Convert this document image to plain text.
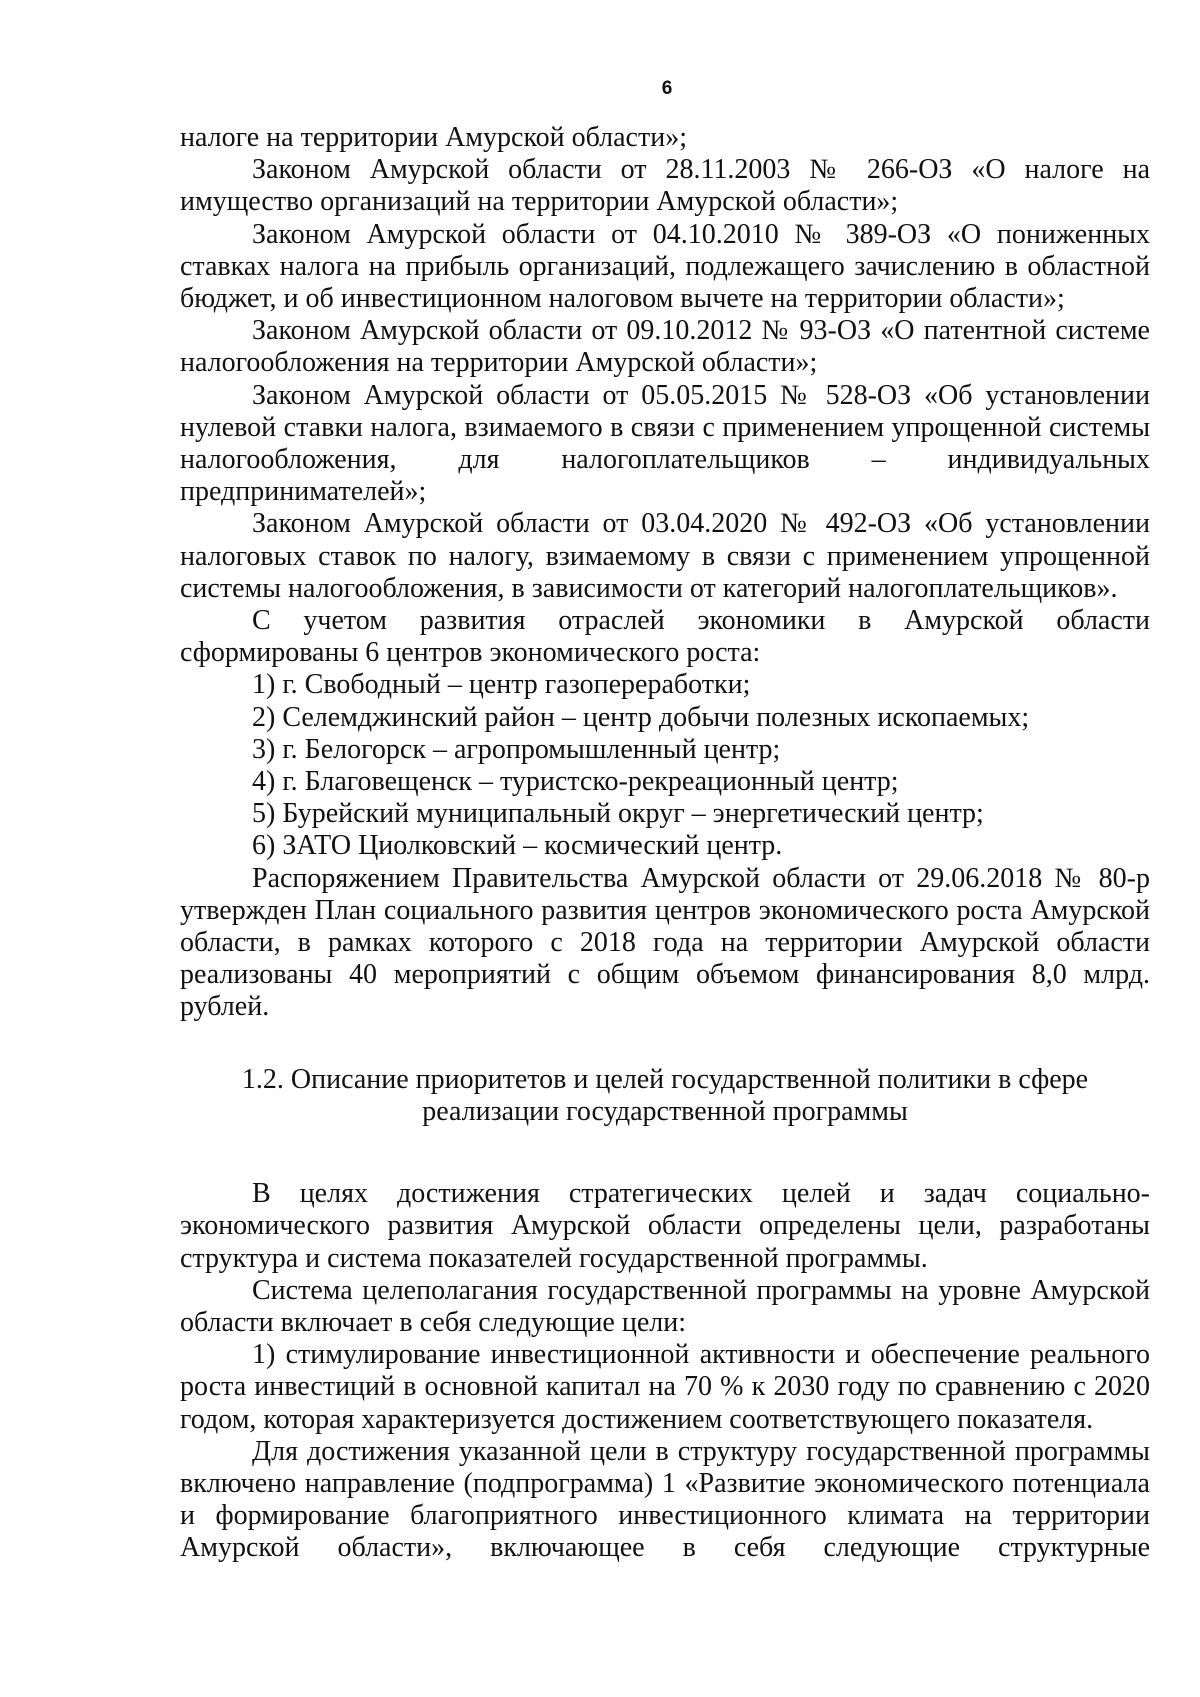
6

налоге на территории Амурской области»;

Законом Амурской области от 28.11.2003 № 266-ОЗ «О налоге на имущество организаций на территории Амурской области»;

Законом Амурской области от 04.10.2010 № 389-ОЗ «О пониженных ставках налога на прибыль организаций, подлежащего зачислению в областной бюджет, и об инвестиционном налоговом вычете на территории области»;

Законом Амурской области от 09.10.2012 № 93-ОЗ «О патентной системе налогообложения на территории Амурской области»;

Законом Амурской области от 05.05.2015 № 528-ОЗ «Об установлении нулевой ставки налога, взимаемого в связи с применением упрощенной системы налогообложения, для налогоплательщиков – индивидуальных предпринимателей»;

Законом Амурской области от 03.04.2020 № 492-ОЗ «Об установлении налоговых ставок по налогу, взимаемому в связи с применением упрощенной системы налогообложения, в зависимости от категорий налогоплательщиков».

С учетом развития отраслей экономики в Амурской области сформированы 6 центров экономического роста:

1) г. Свободный – центр газопереработки;

2) Селемджинский район – центр добычи полезных ископаемых;

3) г. Белогорск – агропромышленный центр;

4) г. Благовещенск – туристско-рекреационный центр;

5) Бурейский муниципальный округ – энергетический центр;

6) ЗАТО Циолковский – космический центр.

Распоряжением Правительства Амурской области от 29.06.2018 № 80-р утвержден План социального развития центров экономического роста Амурской области, в рамках которого с 2018 года на территории Амурской области реализованы 40 мероприятий с общим объемом финансирования 8,0 млрд. рублей.

1.2. Описание приоритетов и целей государственной политики в сфере
реализации государственной программы

В целях достижения стратегических целей и задач социально-экономического развития Амурской области определены цели, разработаны структура и система показателей государственной программы.

Система целеполагания государственной программы на уровне Амурской области включает в себя следующие цели:

1) стимулирование инвестиционной активности и обеспечение реального роста инвестиций в основной капитал на 70 % к 2030 году по сравнению с 2020 годом, которая характеризуется достижением соответствующего показателя.

Для достижения указанной цели в структуру государственной программы включено направление (подпрограмма) 1 «Развитие экономического потенциала и формирование благоприятного инвестиционного климата на территории Амурской области», включающее в себя следующие структурные
